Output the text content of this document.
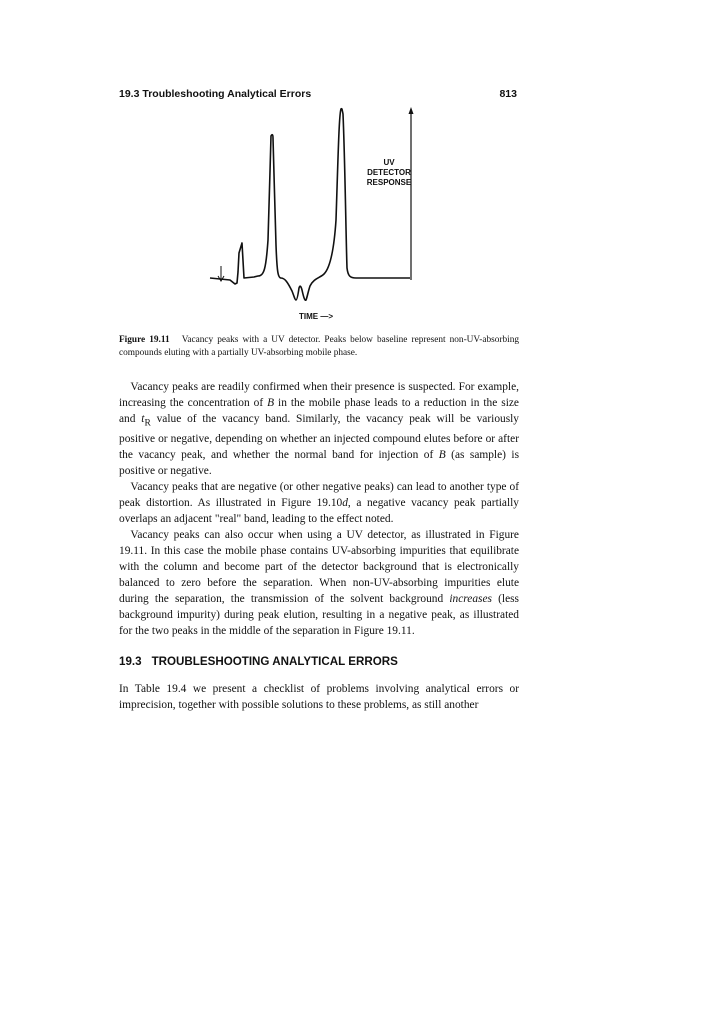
19.3 Troubleshooting Analytical Errors	813
UV
DETECTOR
RESPONSE
TIME —>
Figure 19.11 Vacancy peaks with a UV detector. Peaks below baseline represent non-UV-absorbing compounds eluting with a partially UV-absorbing mobile phase.

Vacancy peaks are readily confirmed when their presence is suspected. For example, increasing the concentration of B in the mobile phase leads to a reduction in the size and $t_R$ value of the vacancy band. Similarly, the vacancy peak will be variously positive or negative, depending on whether an injected compound elutes before or after the vacancy peak, and whether the normal band for injection of B (as sample) is positive or negative.

Vacancy peaks that are negative (or other negative peaks) can lead to another type of peak distortion. As illustrated in Figure 19.10d, a negative vacancy peak partially overlaps an adjacent "real" band, leading to the effect noted.

Vacancy peaks can also occur when using a UV detector, as illustrated in Figure 19.11. In this case the mobile phase contains UV-absorbing impurities that equilibrate with the column and become part of the detector background that is electronically balanced to zero before the separation. When non-UV-absorbing impurities elute during the separation, the transmission of the solvent background increases (less background impurity) during peak elution, resulting in a negative peak, as illustrated for the two peaks in the middle of the separation in Figure 19.11.

19.3 TROUBLESHOOTING ANALYTICAL ERRORS

In Table 19.4 we present a checklist of problems involving analytical errors or imprecision, together with possible solutions to these problems, as still another
